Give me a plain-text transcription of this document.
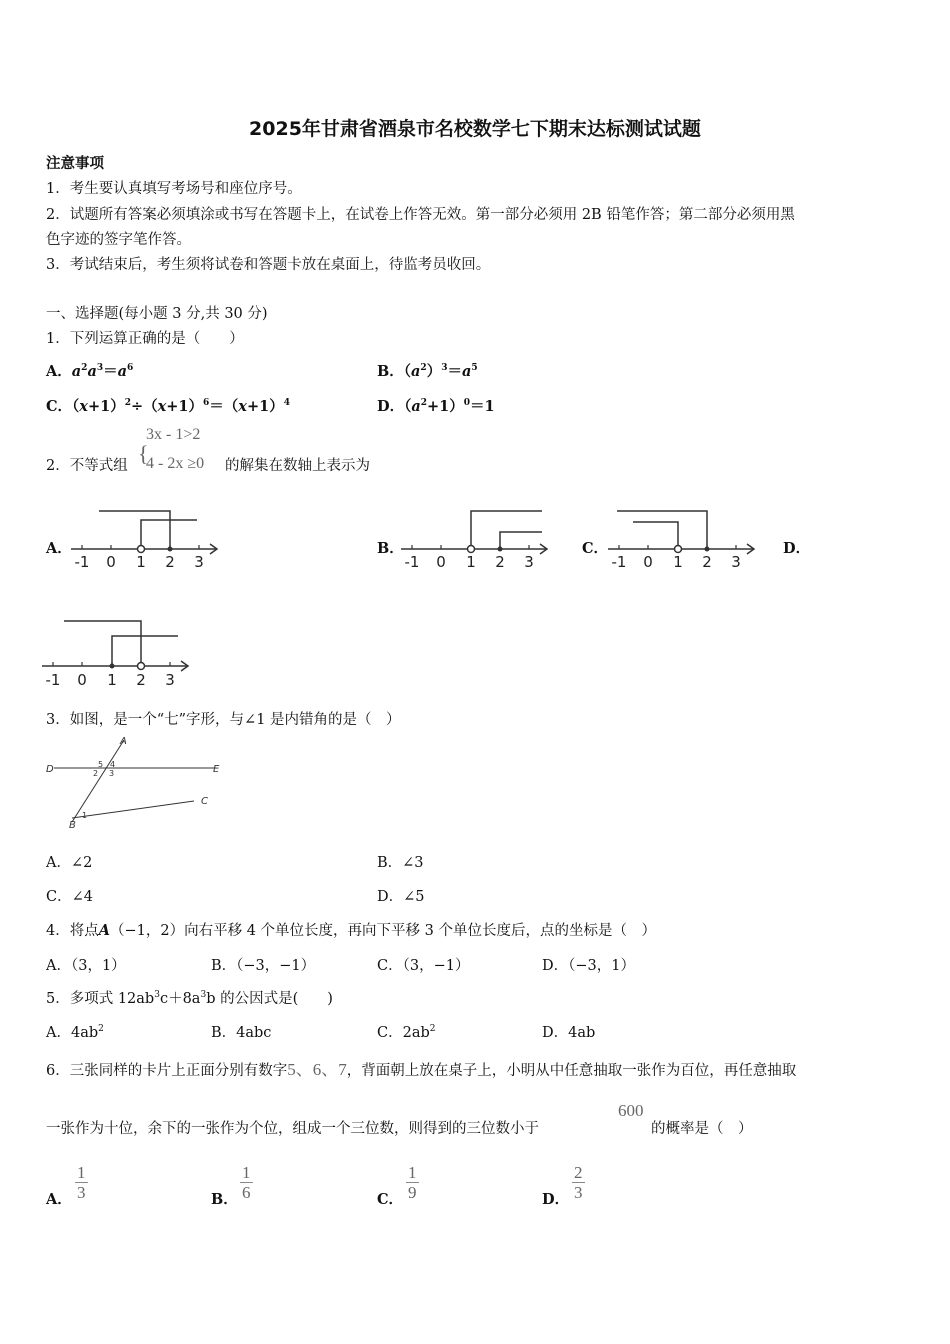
2025年甘肃省酒泉市名校数学七下期末达标测试试题
注意事项
1．考生要认真填写考场号和座位序号。
2．试题所有答案必须填涂或书写在答题卡上，在试卷上作答无效。第一部分必须用 2B 铅笔作答；第二部分必须用黑
色字迹的签字笔作答。
3．考试结束后，考生须将试卷和答题卡放在桌面上，待监考员收回。
一、选择题(每小题 3 分,共 30 分)
1．下列运算正确的是（　　）
A．$a^2a^3=a^6$	B．$(a^2)^3=a^5$
C．$(x+1)^2\div(x+1)^6=(x+1)^4$	D．$(a^2+1)^0=1$
2．不等式组 {
3x - 1>2
4 - 2x ≥0 的解集在数轴上表示为
A．	B．	C．	D．
-1 0 1 2 3	-1 0 1 2 3	-1 0 1 2 3
-1 0 1 2 3
3．如图，是一个“七”字形，与∠1 是内错角的是（　）
A
D	E
C
B
1
2 3
4
5
A．∠2	B．∠3
C．∠4	D．∠5
4．将点A（−1，2）向右平移 4 个单位长度，再向下平移 3 个单位长度后，点的坐标是（　）
A．（3，1）	B．（−3，−1）	C．（3，−1）	D．（−3，1）
5．多项式 $12ab^3c+8a^3b$ 的公因式是(　　)
A．$4ab^2$	B．4abc	C．$2ab^2$	D．4ab
6．三张同样的卡片上正面分别有数字5、6、7，背面朝上放在桌子上，小明从中任意抽取一张作为百位，再任意抽取
一张作为十位，余下的一张作为个位，组成一个三位数，则得到的三位数小于
600
的概率是（　）
A． $\frac{1}{3}$	B． $\frac{1}{6}$	C． $\frac{1}{9}$	D． $\frac{2}{3}$
